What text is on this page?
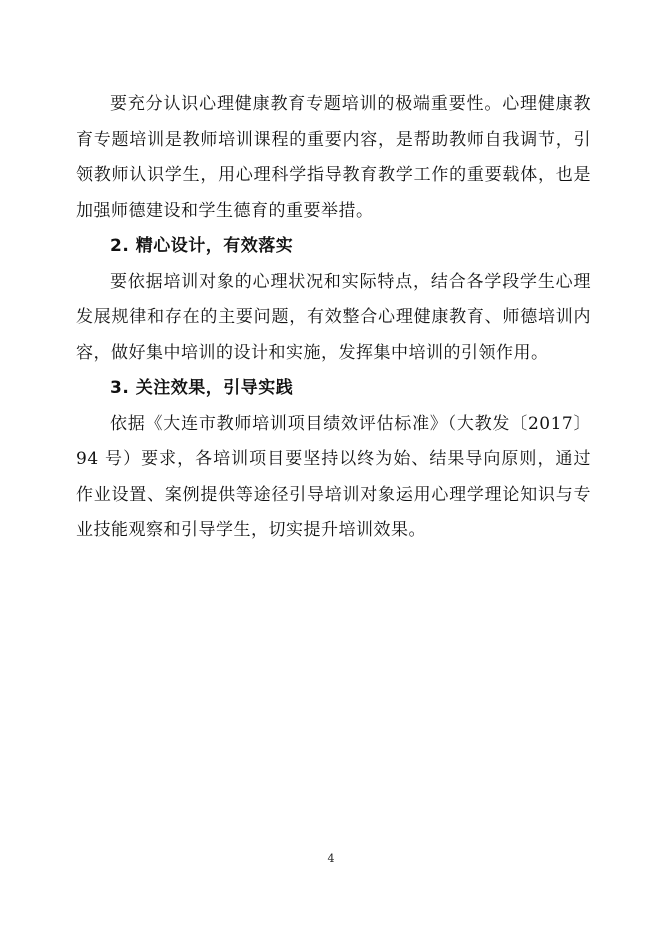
要充分认识心理健康教育专题培训的极端重要性。心理健康教育专题培训是教师培训课程的重要内容，是帮助教师自我调节，引领教师认识学生，用心理科学指导教育教学工作的重要载体，也是加强师德建设和学生德育的重要举措。

2. 精心设计，有效落实

要依据培训对象的心理状况和实际特点，结合各学段学生心理发展规律和存在的主要问题，有效整合心理健康教育、师德培训内容，做好集中培训的设计和实施，发挥集中培训的引领作用。

3. 关注效果，引导实践

依据《大连市教师培训项目绩效评估标准》（大教发〔2017〕94 号）要求，各培训项目要坚持以终为始、结果导向原则，通过作业设置、案例提供等途径引导培训对象运用心理学理论知识与专业技能观察和引导学生，切实提升培训效果。

4
